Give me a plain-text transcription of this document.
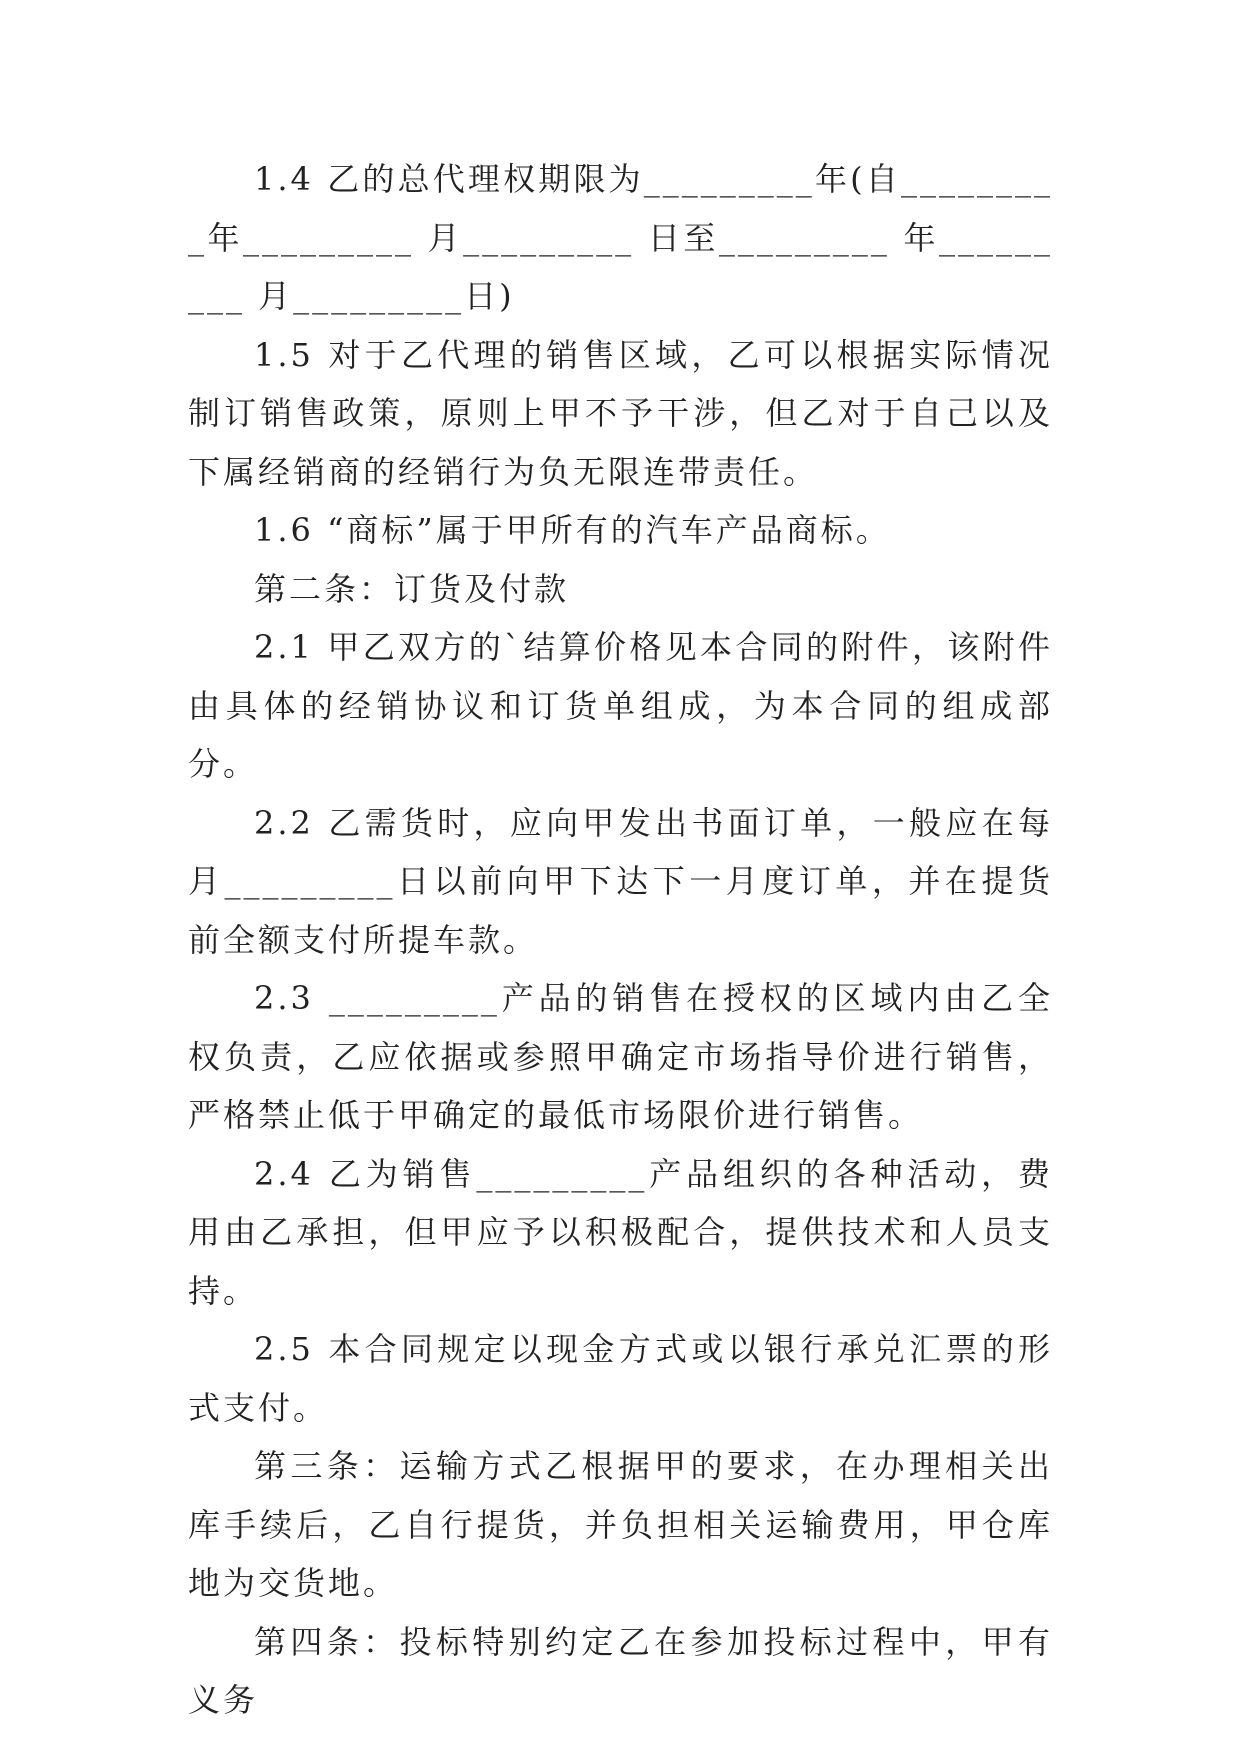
1.4 乙的总代理权期限为_________年(自_________年_________ 月_________ 日至_________ 年_________ 月_________日)

1.5 对于乙代理的销售区域，乙可以根据实际情况制订销售政策，原则上甲不予干涉，但乙对于自己以及下属经销商的经销行为负无限连带责任。

1.6 “商标”属于甲所有的汽车产品商标。

第二条：订货及付款

2.1 甲乙双方的`结算价格见本合同的附件，该附件由具体的经销协议和订货单组成，为本合同的组成部分。

2.2 乙需货时，应向甲发出书面订单，一般应在每月_________日以前向甲下达下一月度订单，并在提货前全额支付所提车款。

2.3 _________产品的销售在授权的区域内由乙全权负责，乙应依据或参照甲确定市场指导价进行销售，严格禁止低于甲确定的最低市场限价进行销售。

2.4 乙为销售_________产品组织的各种活动，费用由乙承担，但甲应予以积极配合，提供技术和人员支持。

2.5 本合同规定以现金方式或以银行承兑汇票的形式支付。

第三条：运输方式乙根据甲的要求，在办理相关出库手续后，乙自行提货，并负担相关运输费用，甲仓库地为交货地。

第四条：投标特别约定乙在参加投标过程中，甲有义务
